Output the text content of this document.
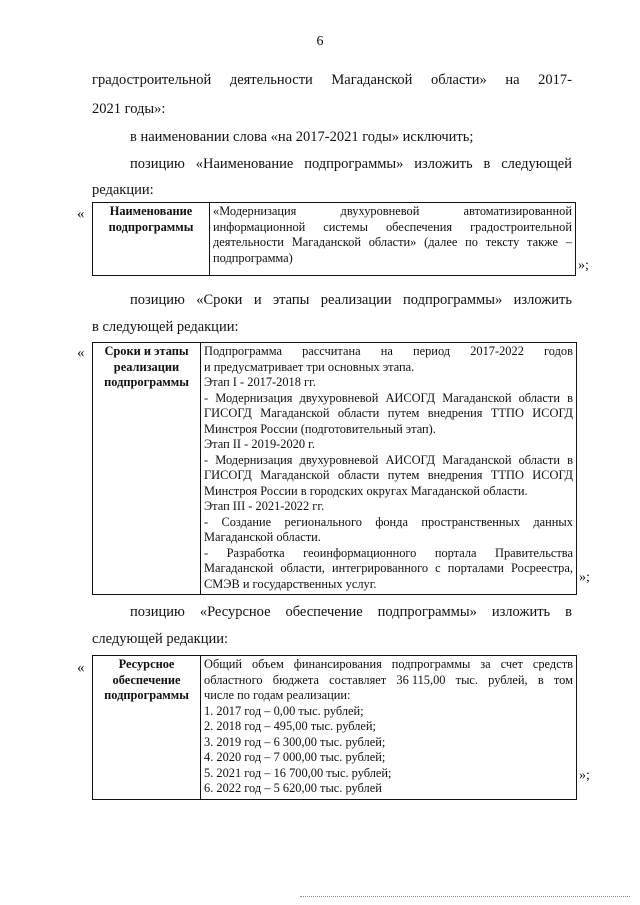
6
градостроительной деятельности Магаданской области» на 2017-
2021 годы»:
в наименовании слова «на 2017-2021 годы» исключить;
позицию «Наименование подпрограммы» изложить в следующей
редакции:
«	Наименование
подпрограммы

«Модернизация	двухуровневой	автоматизированной
информационной системы обеспечения градостроительной
деятельности Магаданской области» (далее по тексту также –
подпрограмма)
»;
позицию «Сроки и этапы реализации подпрограммы» изложить
в следующей редакции:
«	Сроки и этапы
реализации
подпрограммы

Подпрограмма рассчитана на период 2017-2022 годов
и предусматривает три основных этапа.
Этап I - 2017-2018 гг.
- Модернизация двухуровневой АИСОГД Магаданской области в
ГИСОГД Магаданской области путем внедрения ТТПО ИСОГД
Минстроя России (подготовительный этап).
Этап II - 2019-2020 г.
- Модернизация двухуровневой АИСОГД Магаданской области в
ГИСОГД Магаданской области путем внедрения ТТПО ИСОГД
Минстроя России в городских округах Магаданской области.
Этап III - 2021-2022 гг.
- Создание регионального фонда пространственных данных
Магаданской области.
- Разработка геоинформационного портала Правительства
Магаданской области, интегрированного с порталами Росреестра,
СМЭВ и государственных услуг.	»;
позицию «Ресурсное обеспечение подпрограммы» изложить в
следующей редакции:
«	Ресурсное
обеспечение
подпрограммы

Общий объем финансирования подпрограммы за счет средств
областного бюджета составляет 36 115,00 тыс. рублей, в том
числе по годам реализации:
1. 2017 год – 0,00 тыс. рублей;
2. 2018 год – 495,00 тыс. рублей;
3. 2019 год – 6 300,00 тыс. рублей;
4. 2020 год – 7 000,00 тыс. рублей;
5. 2021 год – 16 700,00 тыс. рублей;
6. 2022 год – 5 620,00 тыс. рублей
»;
